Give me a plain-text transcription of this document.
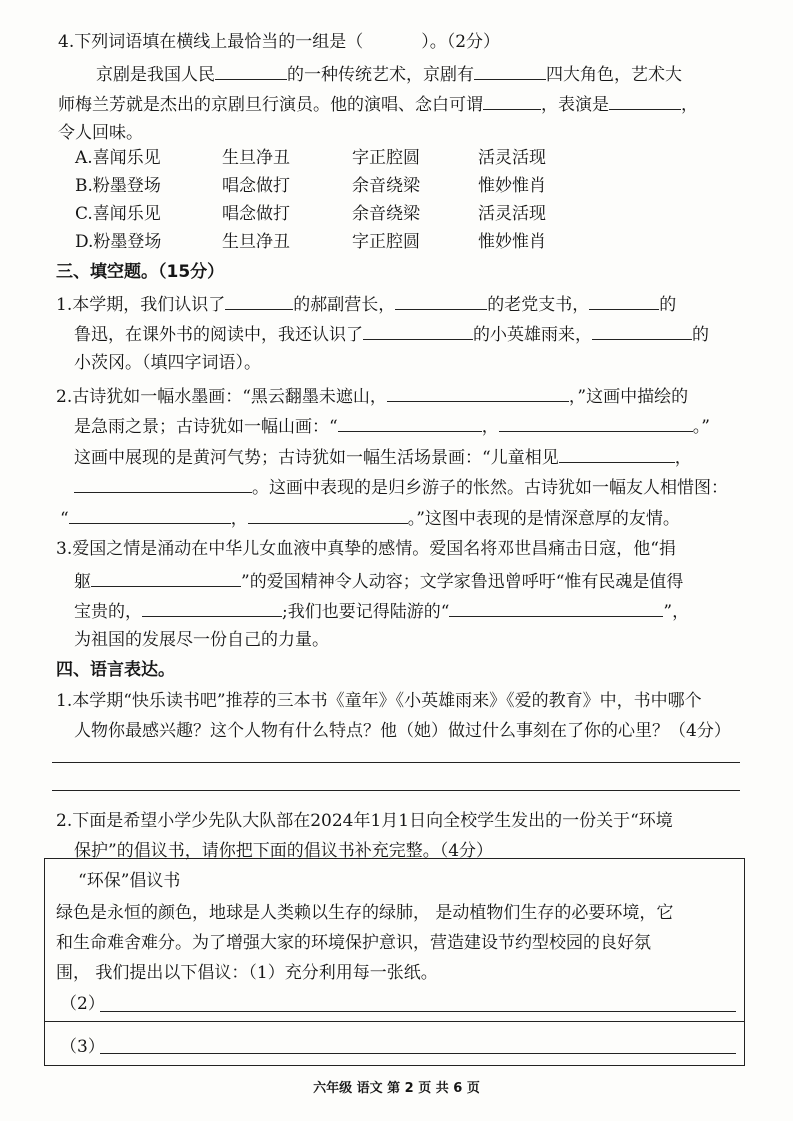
4.下列词语填在横线上最恰当的一组是（	）。（2分）
京剧是我国人民	的一种传统艺术，京剧有	四大角色，艺术大
师梅兰芳就是杰出的京剧旦行演员。他的演唱、念白可谓	，表演是	，
令人回味。
A.喜闻乐见	生旦净丑	字正腔圆	活灵活现
B.粉墨登场	唱念做打	余音绕梁	惟妙惟肖
C.喜闻乐见	唱念做打	余音绕梁	活灵活现
D.粉墨登场	生旦净丑	字正腔圆	惟妙惟肖
三、填空题。（15分）
1.本学期，我们认识了	的郝副营长，	的老党支书，	的
鲁迅，在课外书的阅读中，我还认识了	的小英雄雨来，	的
小茨冈。（填四字词语）。
2.古诗犹如一幅水墨画：“黑云翻墨未遮山，	，”这画中描绘的
是急雨之景；古诗犹如一幅山画：“	，	。”
这画中展现的是黄河气势；古诗犹如一幅生活场景画：“儿童相见	，
。这画中表现的是归乡游子的怅然。古诗犹如一幅友人相惜图：
“	，	。”这图中表现的是情深意厚的友情。
3.爱国之情是涌动在中华儿女血液中真挚的感情。爱国名将邓世昌痛击日寇，他“捐
躯	”的爱国精神令人动容；文学家鲁迅曾呼吁“惟有民魂是值得
宝贵的，	;我们也要记得陆游的“	”，
为祖国的发展尽一份自己的力量。
四、语言表达。
1.本学期“快乐读书吧”推荐的三本书《童年》《小英雄雨来》《爱的教育》中，书中哪个
人物你最感兴趣？这个人物有什么特点？他（她）做过什么事刻在了你的心里？（4分）
2.下面是希望小学少先队大队部在2024年1月1日向全校学生发出的一份关于“环境
保护”的倡议书，请你把下面的倡议书补充完整。（4分）
“环保”倡议书
绿色是永恒的颜色，地球是人类赖以生存的绿肺， 是动植物们生存的必要环境，它
和生命难舍难分。为了增强大家的环境保护意识，营造建设节约型校园的良好氛
围， 我们提出以下倡议：（1）充分利用每一张纸。
（2）
（3）
六年级 语文 第 2 页 共 6 页
